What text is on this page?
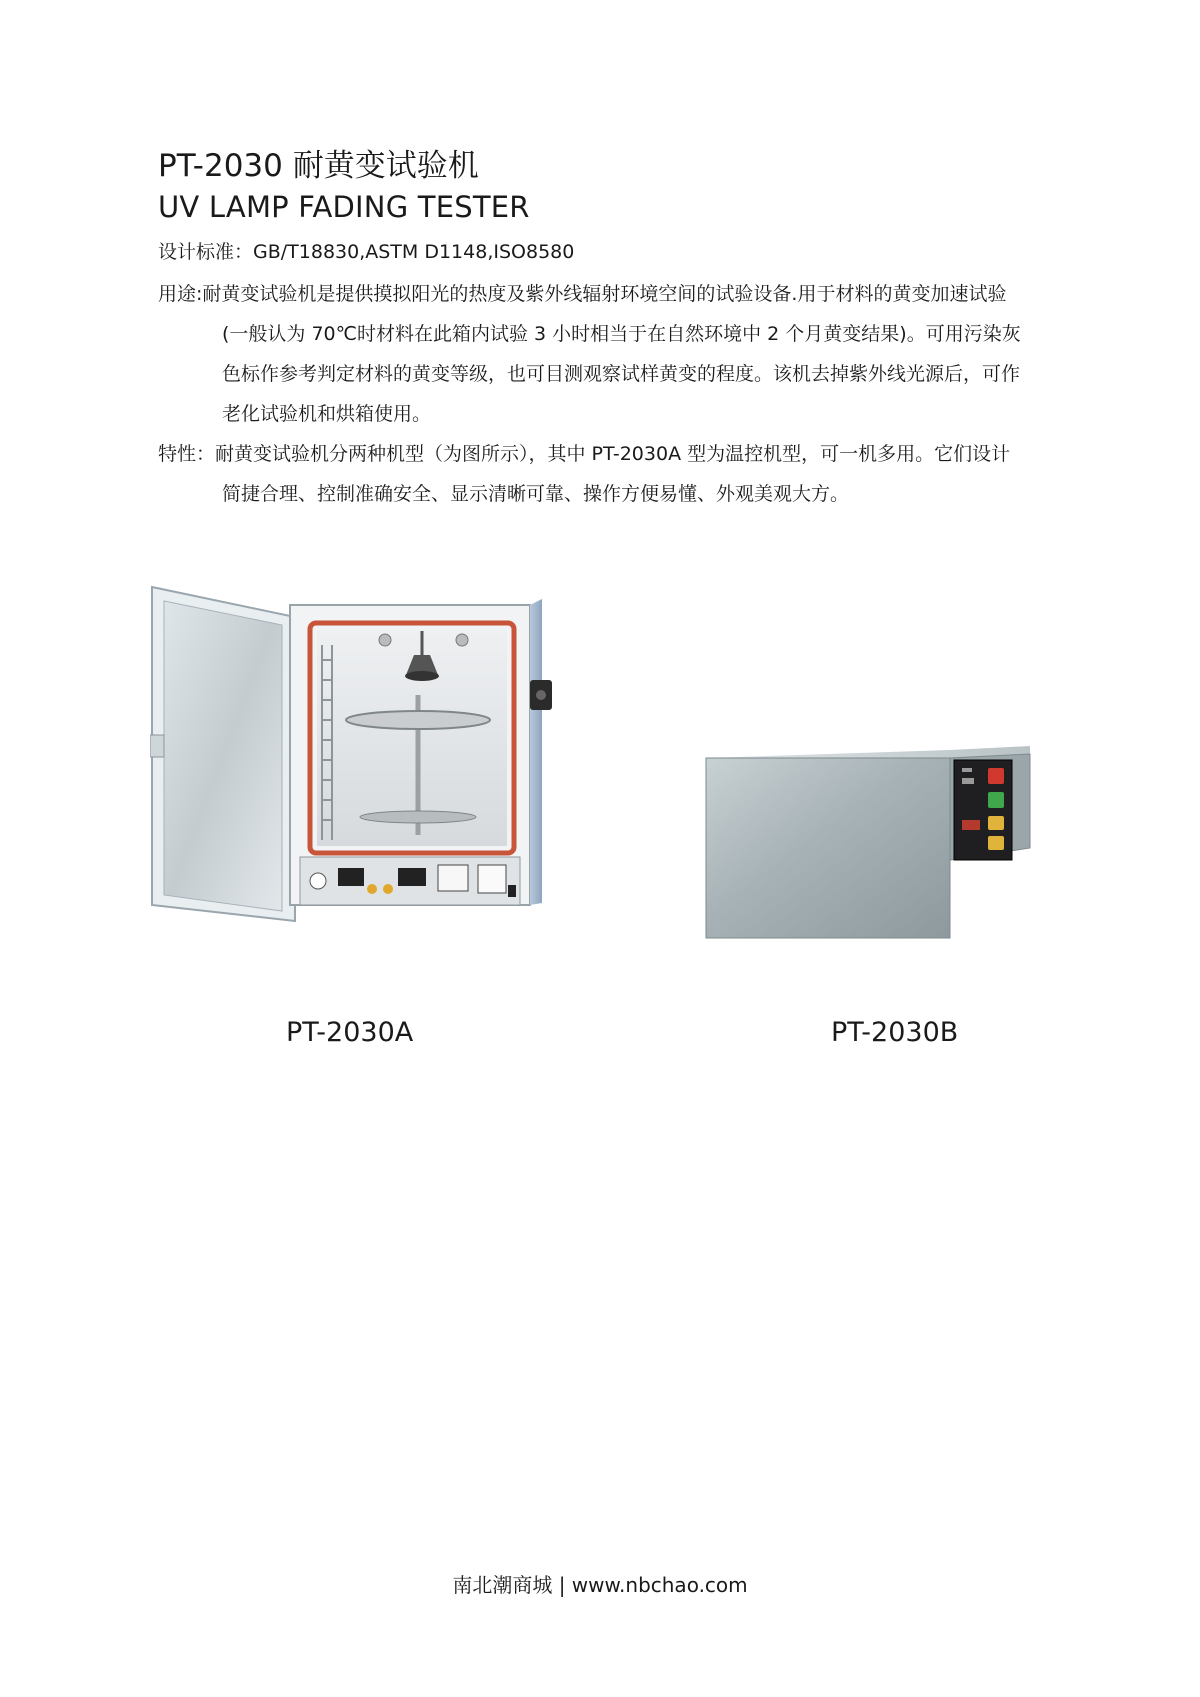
PT-2030 耐黄变试验机
UV LAMP FADING TESTER
设计标准：GB/T18830,ASTM D1148,ISO8580
用途:耐黄变试验机是提供摸拟阳光的热度及紫外线辐射环境空间的试验设备.用于材料的黄变加速试验
(一般认为 70℃时材料在此箱内试验 3 小时相当于在自然环境中 2 个月黄变结果)。可用污染灰
色标作参考判定材料的黄变等级，也可目测观察试样黄变的程度。该机去掉紫外线光源后，可作
老化试验机和烘箱使用。
特性：耐黄变试验机分两种机型（为图所示），其中 PT-2030A 型为温控机型，可一机多用。它们设计
简捷合理、控制准确安全、显示清晰可靠、操作方便易懂、外观美观大方。
PT-2030A	PT-2030B
南北潮商城 | www.nbchao.com
